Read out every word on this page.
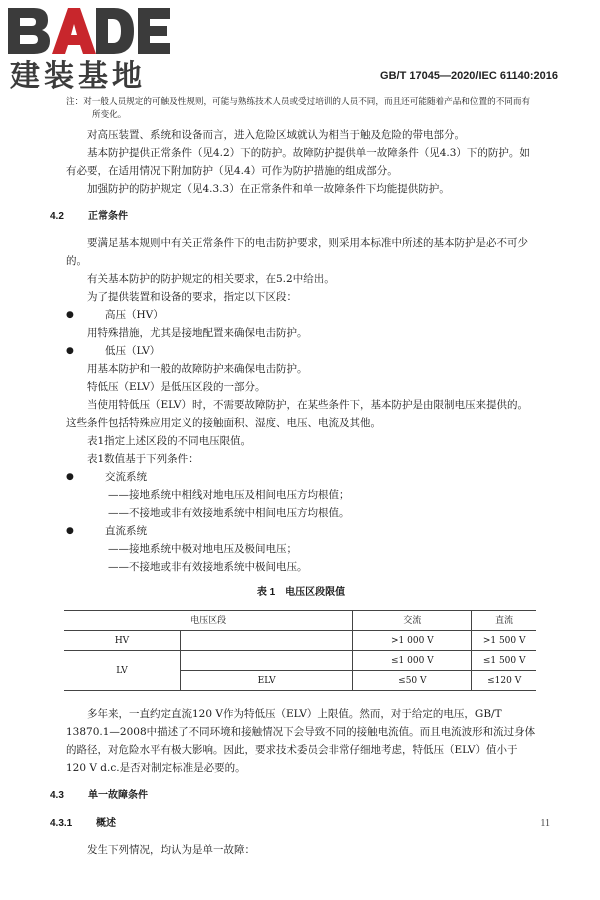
建装基地	GB/T 17045—2020/IEC 61140:2016

注：对一般人员规定的可触及性规则，可能与熟练技术人员或受过培训的人员不同，而且还可能随着产品和位置的不同而有所变化。

对高压装置、系统和设备而言，进入危险区域就认为相当于触及危险的带电部分。

基本防护提供正常条件（见4.2）下的防护。故障防护提供单一故障条件（见4.3）下的防护。如有必要，在适用情况下附加防护（见4.4）可作为防护措施的组成部分。

加强防护的防护规定（见4.3.3）在正常条件和单一故障条件下均能提供防护。

4.2 正常条件

要满足基本规则中有关正常条件下的电击防护要求，则采用本标准中所述的基本防护是必不可少的。

有关基本防护的防护规定的相关要求，在5.2中给出。

为了提供装置和设备的要求，指定以下区段：

●	高压（HV）

用特殊措施，尤其是接地配置来确保电击防护。

●	低压（LV）

用基本防护和一般的故障防护来确保电击防护。

特低压（ELV）是低压区段的一部分。

当使用特低压（ELV）时，不需要故障防护，在某些条件下，基本防护是由限制电压来提供的。这些条件包括特殊应用定义的接触面积、湿度、电压、电流及其他。

表1指定上述区段的不同电压限值。

表1数值基于下列条件：

●	交流系统

——接地系统中相线对地电压及相间电压方均根值；

——不接地或非有效接地系统中相间电压方均根值。

●	直流系统

——接地系统中极对地电压及极间电压；

——不接地或非有效接地系统中极间电压。

表 1　电压区段限值

电压区段		交流	直流
HV		>1 000 V	>1 500 V
LV		≤1 000 V	≤1 500 V
	ELV	≤50 V	≤120 V

多年来，一直约定直流120 V作为特低压（ELV）上限值。然而，对于给定的电压，GB/T 13870.1—2008中描述了不同环境和接触情况下会导致不同的接触电流值。而且电流波形和流过身体的路径，对危险水平有极大影响。因此，要求技术委员会非常仔细地考虑，特低压（ELV）值小于120 V d.c.是否对制定标准是必要的。

4.3 单一故障条件

4.3.1 概述

发生下列情况，均认为是单一故障：

11
